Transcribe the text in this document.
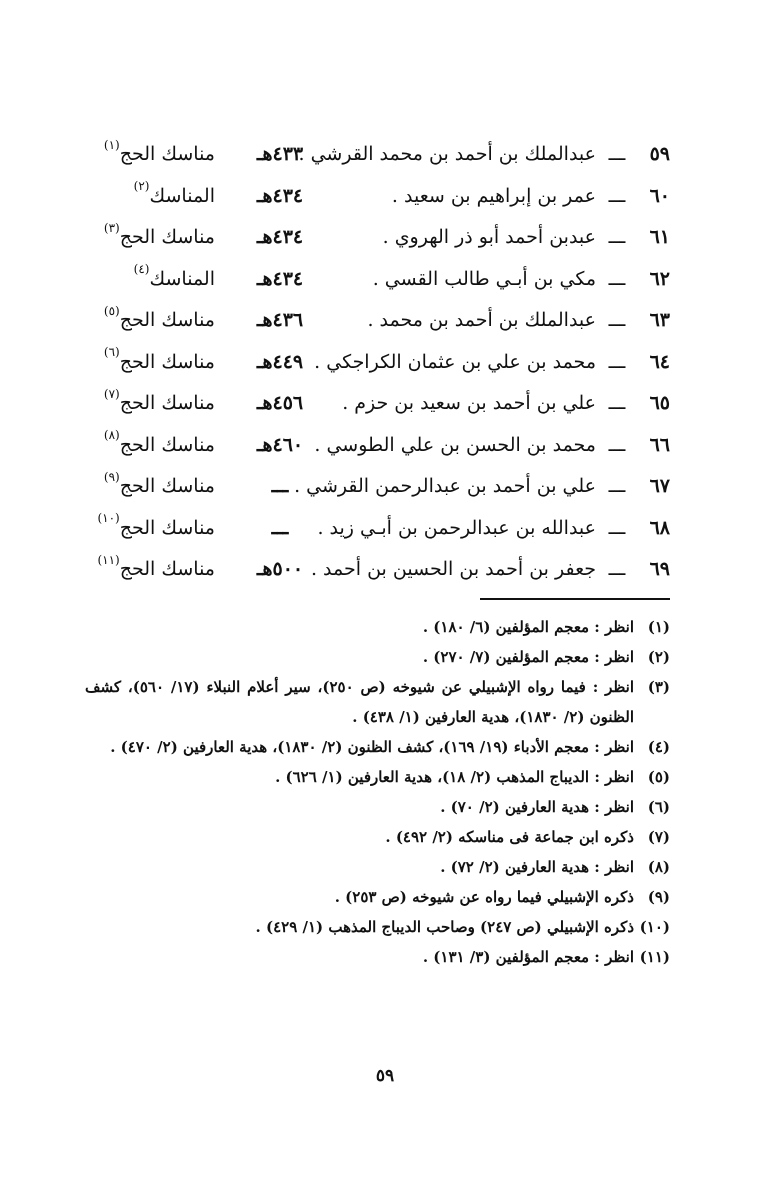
٥٩
ـــ
عبدالملك بن أحمد بن محمد القرشي .
٤٣٣هـ
مناسك الحج$^{(١)}$
٦٠
ـــ
عمر بن إبراهيم بن سعيد .
٤٣٤هـ
المناسك$^{(٢)}$
٦١
ـــ
عبدبن أحمد أبو ذر الهروي .
٤٣٤هـ
مناسك الحج$^{(٣)}$
٦٢
ـــ
مكي بن أبـي طالب القسي .
٤٣٤هـ
المناسك$^{(٤)}$
٦٣
ـــ
عبدالملك بن أحمد بن محمد .
٤٣٦هـ
مناسك الحج$^{(٥)}$
٦٤
ـــ
محمد بن علي بن عثمان الكراجكي .
٤٤٩هـ
مناسك الحج$^{(٦)}$
٦٥
ـــ
علي بن أحمد بن سعيد بن حزم .
٤٥٦هـ
مناسك الحج$^{(٧)}$
٦٦
ـــ
محمد بن الحسن بن علي الطوسي .
٤٦٠هـ
مناسك الحج$^{(٨)}$
٦٧
ـــ
علي بن أحمد بن عبدالرحمن القرشي .
ـــ
مناسك الحج$^{(٩)}$
٦٨
ـــ
عبدالله بن عبدالرحمن بن أبـي زيد .
ـــ
مناسك الحج$^{(١٠)}$
٦٩
ـــ
جعفر بن أحمد بن الحسين بن أحمد .
٥٠٠هـ
مناسك الحج$^{(١١)}$
(١)
انظر : معجم المؤلفين (٦/ ١٨٠) .
(٢)
انظر : معجم المؤلفين (٧/ ٢٧٠) .
(٣)
انظر : فيما رواه الإشبيلي عن شيوخه (ص ٢٥٠)، سير أعلام النبلاء (١٧/ ٥٦٠)، كشف الظنون (٢/ ١٨٣٠)، هدية العارفين (١/ ٤٣٨) .
(٤)
انظر : معجم الأدباء (١٩/ ١٦٩)، كشف الظنون (٢/ ١٨٣٠)، هدية العارفين (٢/ ٤٧٠) .
(٥)
انظر : الديباج المذهب (٢/ ١٨)، هدية العارفين (١/ ٦٢٦) .
(٦)
انظر : هدية العارفين (٢/ ٧٠) .
(٧)
ذكره ابن جماعة فى مناسكه (٢/ ٤٩٢) .
(٨)
انظر : هدية العارفين (٢/ ٧٢) .
(٩)
ذكره الإشبيلي فيما رواه عن شيوخه (ص ٢٥٣) .
(١٠)
ذكره الإشبيلي (ص ٢٤٧) وصاحب الديباج المذهب (١/ ٤٢٩) .
(١١)
انظر : معجم المؤلفين (٣/ ١٣١) .
٥٩
